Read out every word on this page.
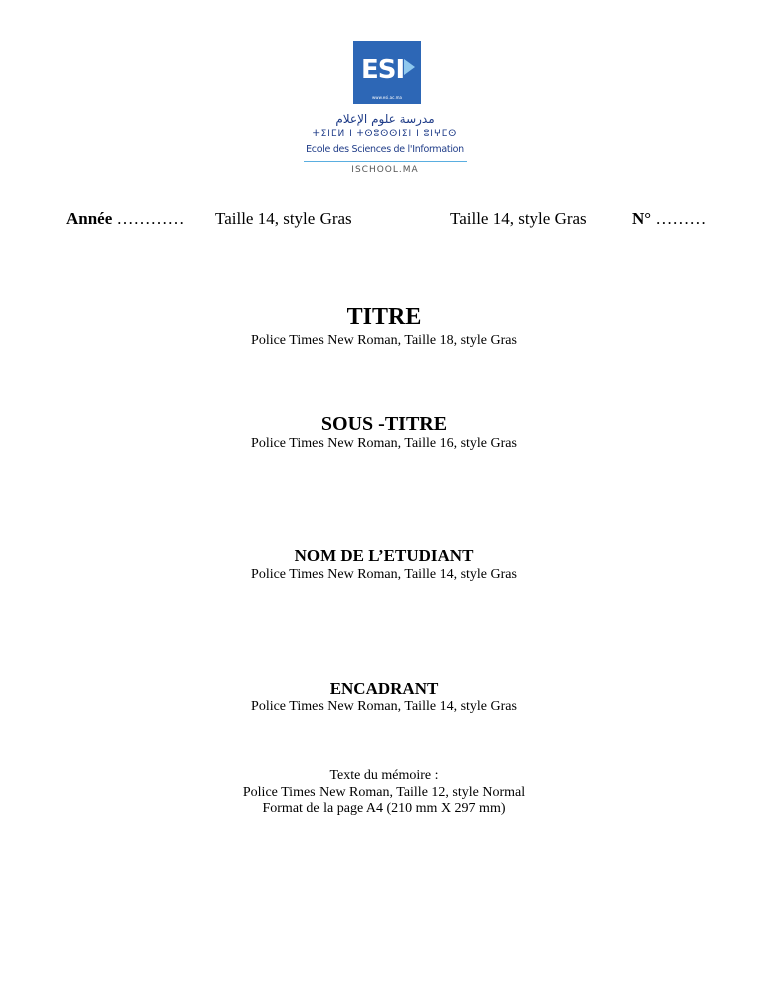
ESI
www.esi.ac.ma
مدرسة علوم الإعلام
ⵜⵉⵏⵎⵍ ⵏ ⵜⵙⵓⵙⵙⵏⵉⵏ ⵏ ⵓⵏⵖⵎⵙ
Ecole des Sciences de l'Information
ISCHOOL.MA
Année ………… Taille 14, style Gras	Taille 14, style Gras	N° ………
TITRE
Police Times New Roman, Taille 18, style Gras
SOUS -TITRE
Police Times New Roman, Taille 16, style Gras
NOM DE L’ETUDIANT
Police Times New Roman, Taille 14, style Gras
ENCADRANT
Police Times New Roman, Taille 14, style Gras
Texte du mémoire :
Police Times New Roman, Taille 12, style Normal
Format de la page A4 (210 mm X 297 mm)
